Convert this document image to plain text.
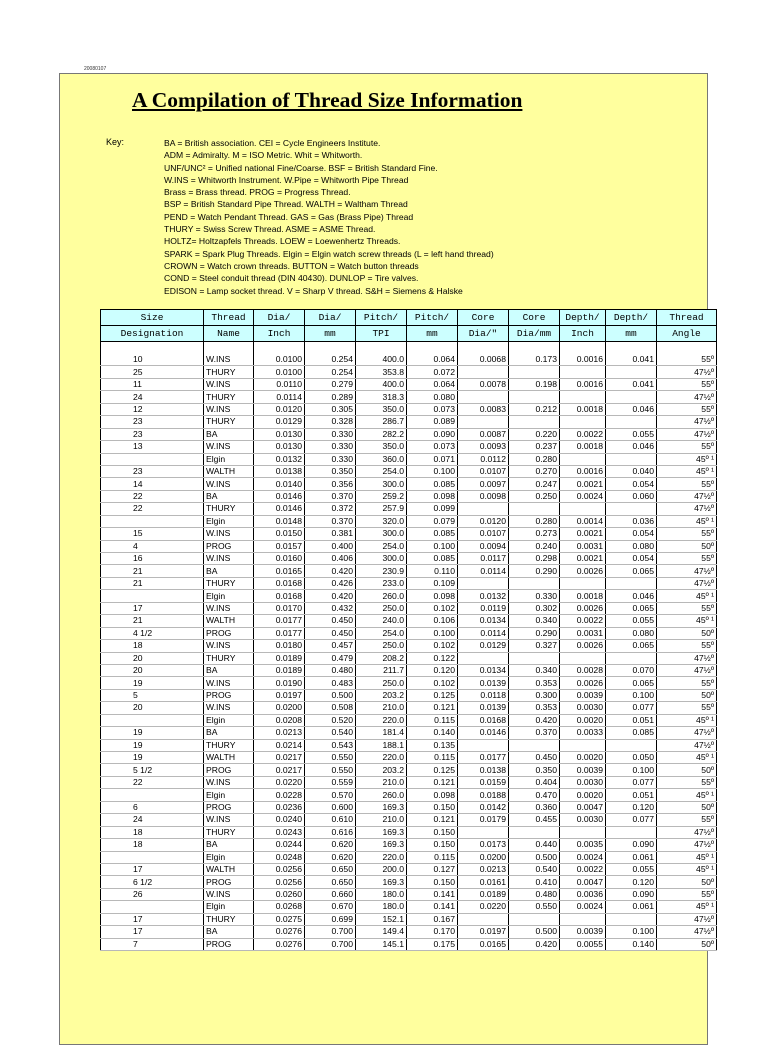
20080107
A Compilation of Thread Size Information
Key:	BA = British association. CEI = Cycle Engineers Institute.
ADM = Admiralty. M = ISO Metric. Whit = Whitworth.
UNF/UNC² = Unified national Fine/Coarse. BSF = British Standard Fine.
W.INS = Whitworth Instrument. W.Pipe = Whitworth Pipe Thread
Brass = Brass thread. PROG = Progress Thread.
BSP = British Standard Pipe Thread. WALTH = Waltham Thread
PEND = Watch Pendant Thread. GAS = Gas (Brass Pipe) Thread
THURY = Swiss Screw Thread. ASME = ASME Thread.
HOLTZ= Holtzapfels Threads. LOEW = Loewenhertz Threads.
SPARK = Spark Plug Threads. Elgin = Elgin watch screw threads (L = left hand thread)
CROWN = Watch crown threads. BUTTON = Watch button threads
COND = Steel conduit thread (DIN 40430). DUNLOP = Tire valves.
EDISON = Lamp socket thread. V = Sharp V thread. S&H = Siemens & Halske
Size	Thread	Dia/	Dia/	Pitch/	Pitch/	Core	Core	Depth/	Depth/	Thread
Designation	Name	Inch	mm	TPI	mm	Dia/"	Dia/mm	Inch	mm	Angle

10	W.INS	0.0100	0.254	400.0	0.064	0.0068	0.173	0.0016	0.041	55º
25	THURY	0.0100	0.254	353.8	0.072					47½º
11	W.INS	0.0110	0.279	400.0	0.064	0.0078	0.198	0.0016	0.041	55º
24	THURY	0.0114	0.289	318.3	0.080					47½º
12	W.INS	0.0120	0.305	350.0	0.073	0.0083	0.212	0.0018	0.046	55º
23	THURY	0.0129	0.328	286.7	0.089					47½º
23	BA	0.0130	0.330	282.2	0.090	0.0087	0.220	0.0022	0.055	47½º
13	W.INS	0.0130	0.330	350.0	0.073	0.0093	0.237	0.0018	0.046	55º
	Elgin	0.0132	0.330	360.0	0.071	0.0112	0.280			45º ¹
23	WALTH	0.0138	0.350	254.0	0.100	0.0107	0.270	0.0016	0.040	45º ¹
14	W.INS	0.0140	0.356	300.0	0.085	0.0097	0.247	0.0021	0.054	55º
22	BA	0.0146	0.370	259.2	0.098	0.0098	0.250	0.0024	0.060	47½º
22	THURY	0.0146	0.372	257.9	0.099					47½º
	Elgin	0.0148	0.370	320.0	0.079	0.0120	0.280	0.0014	0.036	45º ¹
15	W.INS	0.0150	0.381	300.0	0.085	0.0107	0.273	0.0021	0.054	55º
4	PROG	0.0157	0.400	254.0	0.100	0.0094	0.240	0.0031	0.080	50º
16	W.INS	0.0160	0.406	300.0	0.085	0.0117	0.298	0.0021	0.054	55º
21	BA	0.0165	0.420	230.9	0.110	0.0114	0.290	0.0026	0.065	47½º
21	THURY	0.0168	0.426	233.0	0.109					47½º
	Elgin	0.0168	0.420	260.0	0.098	0.0132	0.330	0.0018	0.046	45º ¹
17	W.INS	0.0170	0.432	250.0	0.102	0.0119	0.302	0.0026	0.065	55º
21	WALTH	0.0177	0.450	240.0	0.106	0.0134	0.340	0.0022	0.055	45º ¹
4 1/2	PROG	0.0177	0.450	254.0	0.100	0.0114	0.290	0.0031	0.080	50º
18	W.INS	0.0180	0.457	250.0	0.102	0.0129	0.327	0.0026	0.065	55º
20	THURY	0.0189	0.479	208.2	0.122					47½º
20	BA	0.0189	0.480	211.7	0.120	0.0134	0.340	0.0028	0.070	47½º
19	W.INS	0.0190	0.483	250.0	0.102	0.0139	0.353	0.0026	0.065	55º
5	PROG	0.0197	0.500	203.2	0.125	0.0118	0.300	0.0039	0.100	50º
20	W.INS	0.0200	0.508	210.0	0.121	0.0139	0.353	0.0030	0.077	55º
	Elgin	0.0208	0.520	220.0	0.115	0.0168	0.420	0.0020	0.051	45º ¹
19	BA	0.0213	0.540	181.4	0.140	0.0146	0.370	0.0033	0.085	47½º
19	THURY	0.0214	0.543	188.1	0.135					47½º
19	WALTH	0.0217	0.550	220.0	0.115	0.0177	0.450	0.0020	0.050	45º ¹
5 1/2	PROG	0.0217	0.550	203.2	0.125	0.0138	0.350	0.0039	0.100	50º
22	W.INS	0.0220	0.559	210.0	0.121	0.0159	0.404	0.0030	0.077	55º
	Elgin	0.0228	0.570	260.0	0.098	0.0188	0.470	0.0020	0.051	45º ¹
6	PROG	0.0236	0.600	169.3	0.150	0.0142	0.360	0.0047	0.120	50º
24	W.INS	0.0240	0.610	210.0	0.121	0.0179	0.455	0.0030	0.077	55º
18	THURY	0.0243	0.616	169.3	0.150					47½º
18	BA	0.0244	0.620	169.3	0.150	0.0173	0.440	0.0035	0.090	47½º
	Elgin	0.0248	0.620	220.0	0.115	0.0200	0.500	0.0024	0.061	45º ¹
17	WALTH	0.0256	0.650	200.0	0.127	0.0213	0.540	0.0022	0.055	45º ¹
6 1/2	PROG	0.0256	0.650	169.3	0.150	0.0161	0.410	0.0047	0.120	50º
26	W.INS	0.0260	0.660	180.0	0.141	0.0189	0.480	0.0036	0.090	55º
	Elgin	0.0268	0.670	180.0	0.141	0.0220	0.550	0.0024	0.061	45º ¹
17	THURY	0.0275	0.699	152.1	0.167					47½º
17	BA	0.0276	0.700	149.4	0.170	0.0197	0.500	0.0039	0.100	47½º
7	PROG	0.0276	0.700	145.1	0.175	0.0165	0.420	0.0055	0.140	50º
